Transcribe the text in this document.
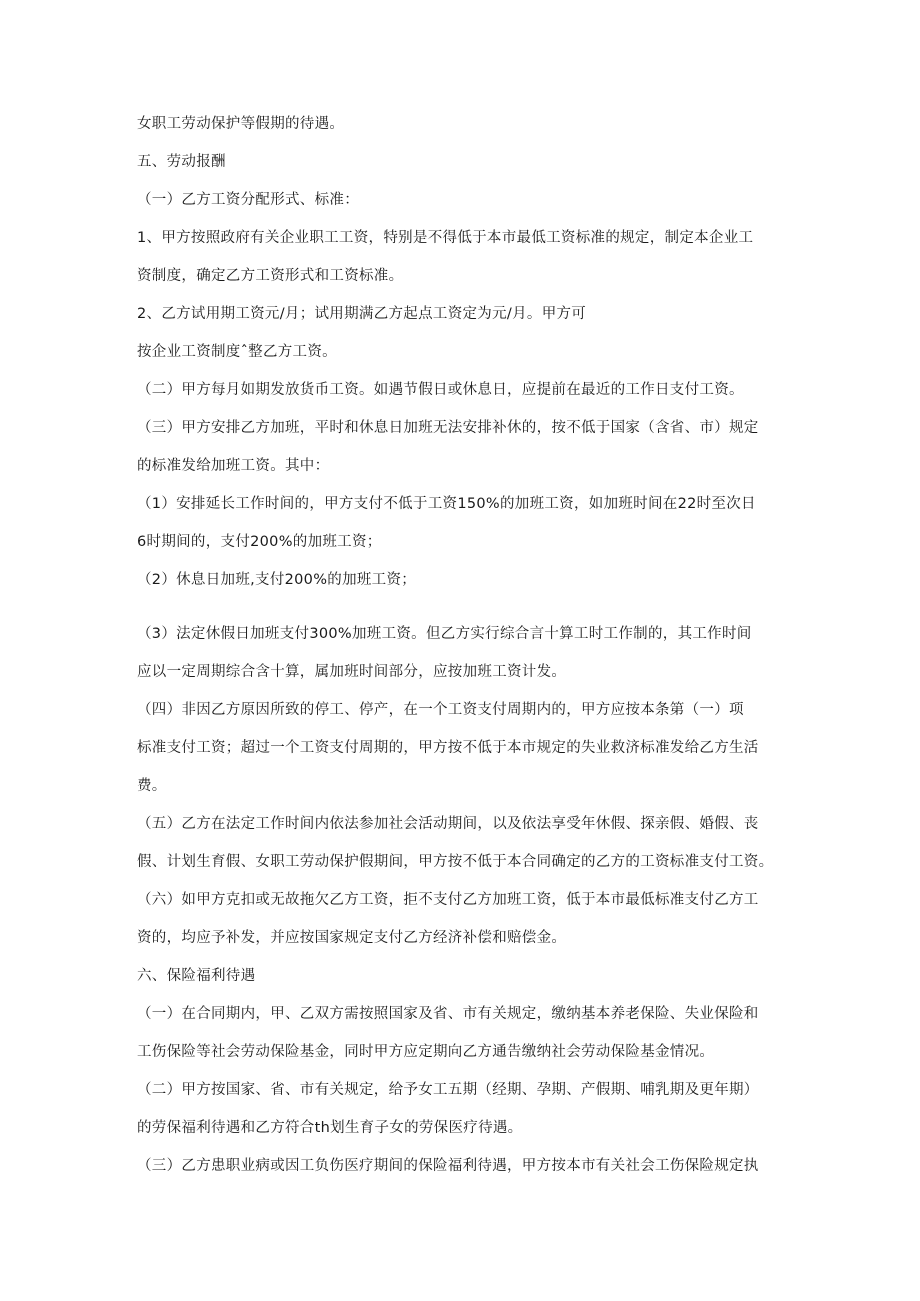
女职工劳动保护等假期的待遇。
五、劳动报酬
（一）乙方工资分配形式、标准：
1、甲方按照政府有关企业职工工资，特别是不得低于本市最低工资标准的规定，制定本企业工
资制度，确定乙方工资形式和工资标准。
2、乙方试用期工资元/月；试用期满乙方起点工资定为元/月。甲方可
按企业工资制度ˆ整乙方工资。
（二）甲方每月如期发放货币工资。如遇节假日或休息日，应提前在最近的工作日支付工资。
（三）甲方安排乙方加班，平时和休息日加班无法安排补休的，按不低于国家（含省、市）规定
的标准发给加班工资。其中：
（1）安排延长工作时间的，甲方支付不低于工资150%的加班工资，如加班时间在22时至次日
6时期间的，支付200%的加班工资；
（2）休息日加班,支付200%的加班工资；
（3）法定休假日加班支付300%加班工资。但乙方实行综合言十算工时工作制的，其工作时间
应以一定周期综合含十算，属加班时间部分，应按加班工资计发。
（四）非因乙方原因所致的停工、停产，在一个工资支付周期内的，甲方应按本条第（一）项
标准支付工资；超过一个工资支付周期的，甲方按不低于本市规定的失业救济标准发给乙方生活
费。
（五）乙方在法定工作时间内依法参加社会活动期间，以及依法享受年休假、探亲假、婚假、丧
假、计划生育假、女职工劳动保护假期间，甲方按不低于本合同确定的乙方的工资标准支付工资。
（六）如甲方克扣或无故拖欠乙方工资，拒不支付乙方加班工资，低于本市最低标准支付乙方工
资的，均应予补发，并应按国家规定支付乙方经济补偿和赔偿金。
六、保险福利待遇
（一）在合同期内，甲、乙双方需按照国家及省、市有关规定，缴纳基本养老保险、失业保险和
工伤保险等社会劳动保险基金，同时甲方应定期向乙方通告缴纳社会劳动保险基金情况。
（二）甲方按国家、省、市有关规定，给予女工五期（经期、孕期、产假期、哺乳期及更年期）
的劳保福利待遇和乙方符合th划生育子女的劳保医疗待遇。
（三）乙方患职业病或因工负伤医疗期间的保险福利待遇，甲方按本市有关社会工伤保险规定执
